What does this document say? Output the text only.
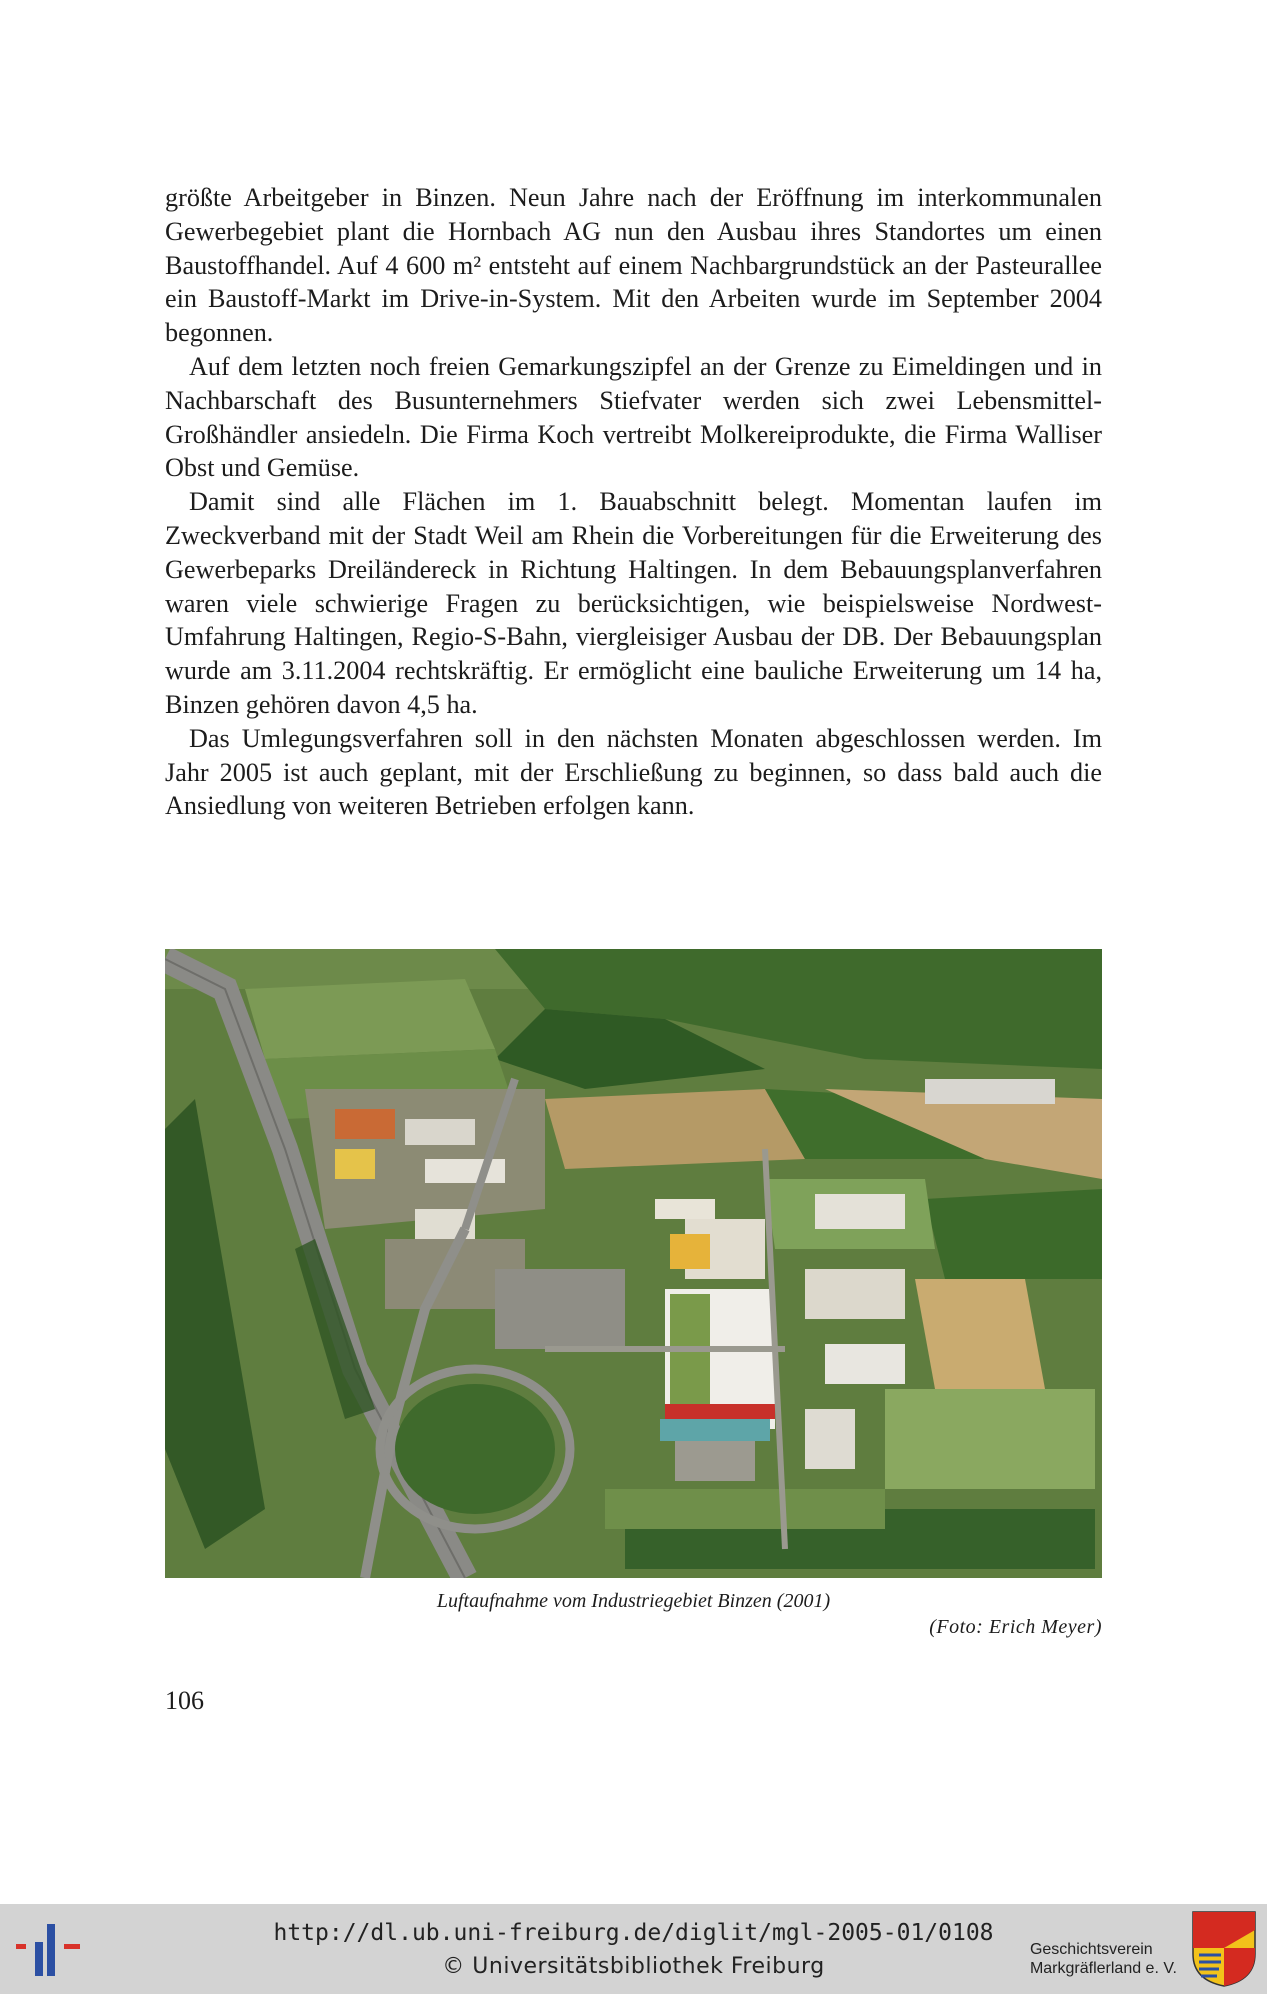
größte Arbeitgeber in Binzen. Neun Jahre nach der Eröffnung im interkommunalen Gewerbegebiet plant die Hornbach AG nun den Ausbau ihres Standortes um einen Baustoffhandel. Auf 4 600 m² entsteht auf einem Nachbargrundstück an der Pasteurallee ein Baustoff-Markt im Drive-in-System. Mit den Arbeiten wurde im September 2004 begonnen.

Auf dem letzten noch freien Gemarkungszipfel an der Grenze zu Eimeldingen und in Nachbarschaft des Busunternehmers Stiefvater werden sich zwei Lebensmittel-Großhändler ansiedeln. Die Firma Koch vertreibt Molkereiprodukte, die Firma Walliser Obst und Gemüse.

Damit sind alle Flächen im 1. Bauabschnitt belegt. Momentan laufen im Zweckverband mit der Stadt Weil am Rhein die Vorbereitungen für die Erweiterung des Gewerbeparks Dreiländereck in Richtung Haltingen. In dem Bebauungsplanverfahren waren viele schwierige Fragen zu berücksichtigen, wie beispielsweise Nordwest-Umfahrung Haltingen, Regio-S-Bahn, viergleisiger Ausbau der DB. Der Bebauungsplan wurde am 3.11.2004 rechtskräftig. Er ermöglicht eine bauliche Erweiterung um 14 ha, Binzen gehören davon 4,5 ha.

Das Umlegungsverfahren soll in den nächsten Monaten abgeschlossen werden. Im Jahr 2005 ist auch geplant, mit der Erschließung zu beginnen, so dass bald auch die Ansiedlung von weiteren Betrieben erfolgen kann.

Luftaufnahme vom Industriegebiet Binzen (2001)
(Foto: Erich Meyer)
106
http://dl.ub.uni-freiburg.de/diglit/mgl-2005-01/0108
© Universitätsbibliothek Freiburg
Geschichtsverein
Markgräflerland e. V.
